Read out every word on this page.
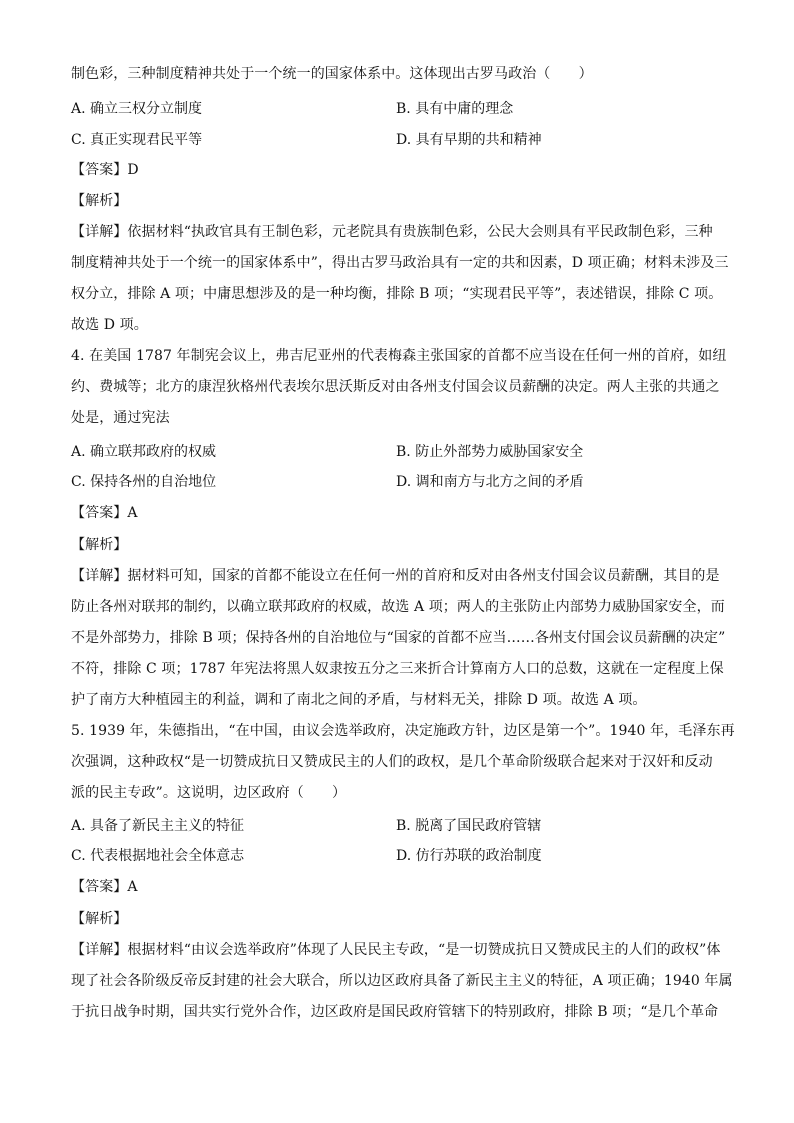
制色彩，三种制度精神共处于一个统一的国家体系中。这体现出古罗马政治（　　）
A. 确立三权分立制度	B. 具有中庸的理念
C. 真正实现君民平等	D. 具有早期的共和精神
【答案】D
【解析】
【详解】依据材料“执政官具有王制色彩，元老院具有贵族制色彩，公民大会则具有平民政制色彩，三种
制度精神共处于一个统一的国家体系中”，得出古罗马政治具有一定的共和因素，D 项正确；材料未涉及三
权分立，排除 A 项；中庸思想涉及的是一种均衡，排除 B 项；“实现君民平等”，表述错误，排除 C 项。
故选 D 项。
4. 在美国 1787 年制宪会议上，弗吉尼亚州的代表梅森主张国家的首都不应当设在任何一州的首府，如纽
约、费城等；北方的康涅狄格州代表埃尔思沃斯反对由各州支付国会议员薪酬的决定。两人主张的共通之
处是，通过宪法
A. 确立联邦政府的权威	B. 防止外部势力威胁国家安全
C. 保持各州的自治地位	D. 调和南方与北方之间的矛盾
【答案】A
【解析】
【详解】据材料可知，国家的首都不能设立在任何一州的首府和反对由各州支付国会议员薪酬，其目的是
防止各州对联邦的制约，以确立联邦政府的权威，故选 A 项；两人的主张防止内部势力威胁国家安全，而
不是外部势力，排除 B 项；保持各州的自治地位与“国家的首都不应当……各州支付国会议员薪酬的决定”
不符，排除 C 项；1787 年宪法将黑人奴隶按五分之三来折合计算南方人口的总数，这就在一定程度上保
护了南方大种植园主的利益，调和了南北之间的矛盾，与材料无关，排除 D 项。故选 A 项。
5. 1939 年，朱德指出，“在中国，由议会选举政府，决定施政方针，边区是第一个”。1940 年，毛泽东再
次强调，这种政权“是一切赞成抗日又赞成民主的人们的政权，是几个革命阶级联合起来对于汉奸和反动
派的民主专政”。这说明，边区政府（　　）
A. 具备了新民主主义的特征	B. 脱离了国民政府管辖
C. 代表根据地社会全体意志	D. 仿行苏联的政治制度
【答案】A
【解析】
【详解】根据材料“由议会选举政府”体现了人民民主专政，“是一切赞成抗日又赞成民主的人们的政权”体
现了社会各阶级反帝反封建的社会大联合，所以边区政府具备了新民主主义的特征，A 项正确；1940 年属
于抗日战争时期，国共实行党外合作，边区政府是国民政府管辖下的特别政府，排除 B 项；“是几个革命
